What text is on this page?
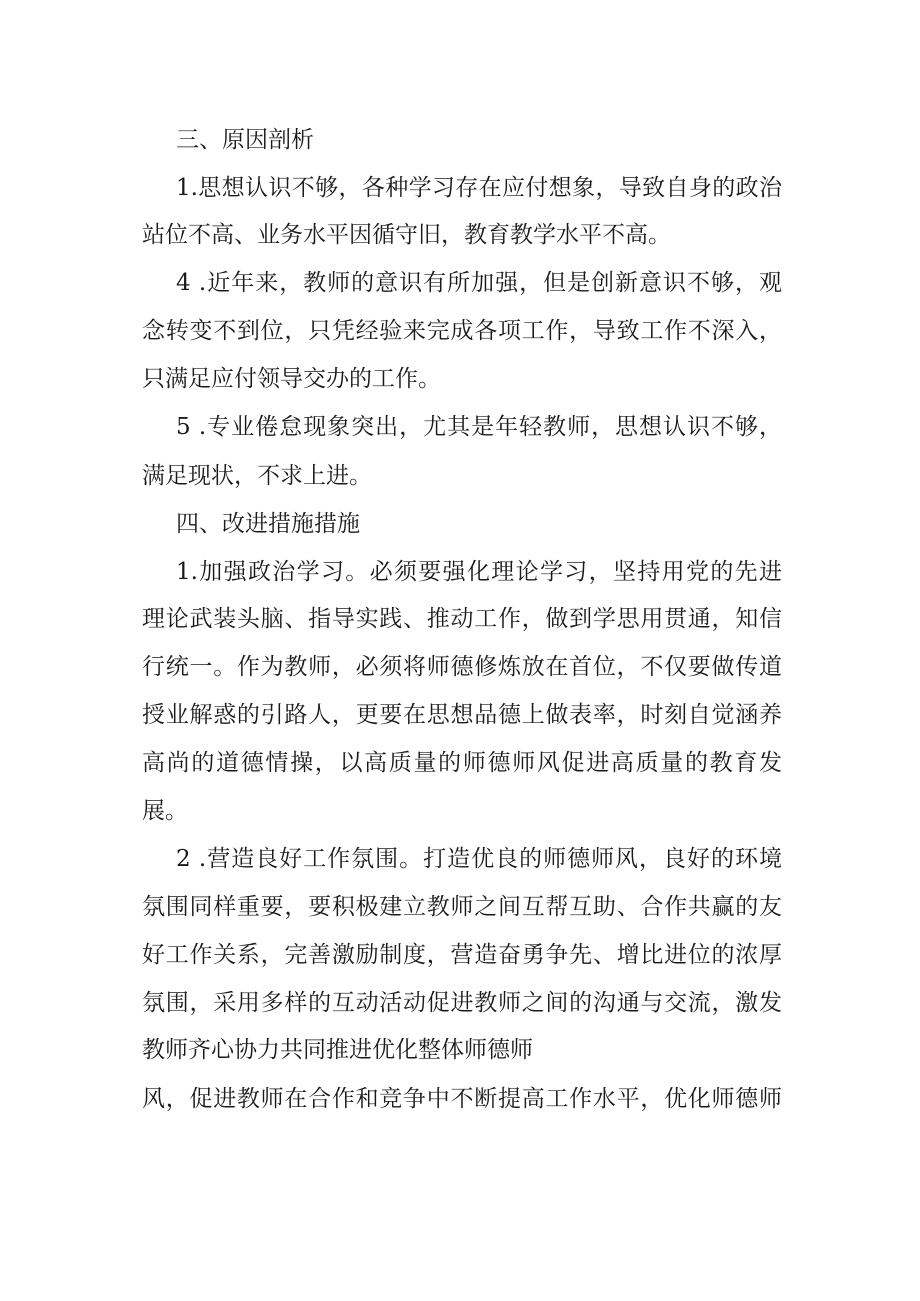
三、原因剖析
1.思想认识不够，各种学习存在应付想象，导致自身的政治
站位不高、业务水平因循守旧，教育教学水平不高。
4 .近年来，教师的意识有所加强，但是创新意识不够，观
念转变不到位，只凭经验来完成各项工作，导致工作不深入，
只满足应付领导交办的工作。
5 .专业倦怠现象突出，尤其是年轻教师，思想认识不够，
满足现状，不求上进。
四、改进措施措施
1.加强政治学习。必须要强化理论学习，坚持用党的先进
理论武装头脑、指导实践、推动工作，做到学思用贯通，知信
行统一。作为教师，必须将师德修炼放在首位，不仅要做传道
授业解惑的引路人，更要在思想品德上做表率，时刻自觉涵养
高尚的道德情操，以高质量的师德师风促进高质量的教育发
展。
2 .营造良好工作氛围。打造优良的师德师风，良好的环境
氛围同样重要，要积极建立教师之间互帮互助、合作共赢的友
好工作关系，完善激励制度，营造奋勇争先、增比进位的浓厚
氛围，采用多样的互动活动促进教师之间的沟通与交流，激发
教师齐心协力共同推进优化整体师德师
风，促进教师在合作和竞争中不断提高工作水平，优化师德师
